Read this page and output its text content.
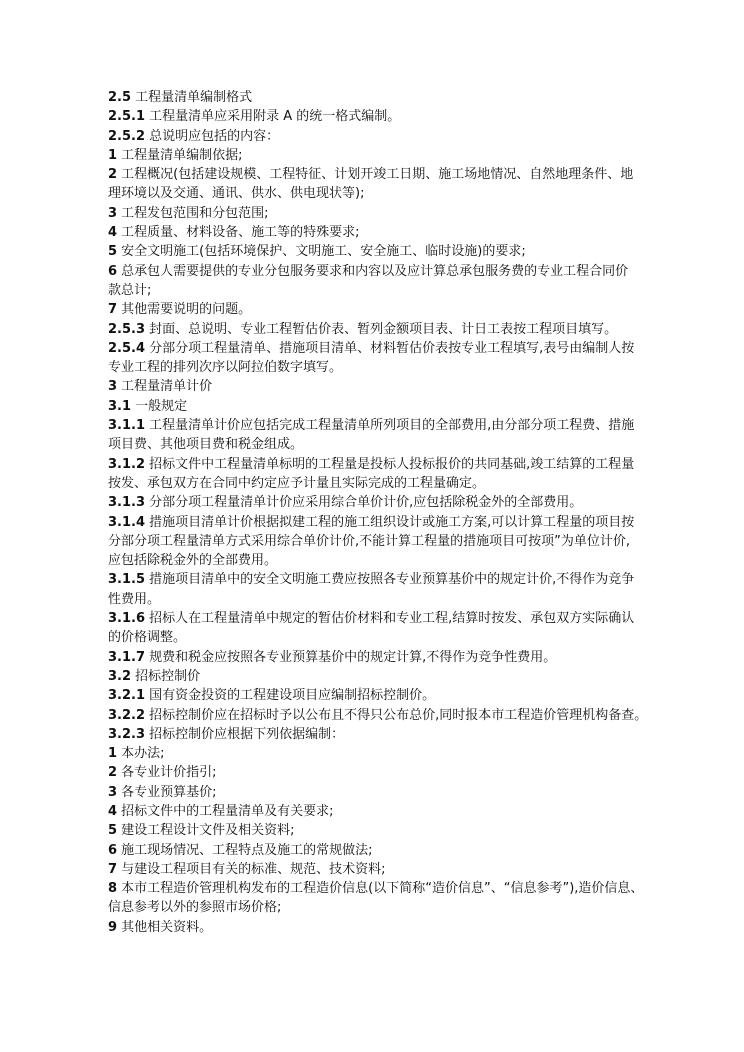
2.5 工程量清单编制格式
2.5.1 工程量清单应采用附录 A 的统一格式编制。
2.5.2 总说明应包括的内容：
1 工程量清单编制依据;
2 工程概况(包括建设规模、工程特征、计划开竣工日期、施工场地情况、自然地理条件、地
理环境以及交通、通讯、供水、供电现状等);
3 工程发包范围和分包范围;
4 工程质量、材料设备、施工等的特殊要求;
5 安全文明施工(包括环境保护、文明施工、安全施工、临时设施)的要求;
6 总承包人需要提供的专业分包服务要求和内容以及应计算总承包服务费的专业工程合同价
款总计;
7 其他需要说明的问题。
2.5.3 封面、总说明、专业工程暂估价表、暂列金额项目表、计日工表按工程项目填写。
2.5.4 分部分项工程量清单、措施项目清单、材料暂估价表按专业工程填写,表号由编制人按
专业工程的排列次序以阿拉伯数字填写。
3 工程量清单计价
3.1 一般规定
3.1.1 工程量清单计价应包括完成工程量清单所列项目的全部费用,由分部分项工程费、措施
项目费、其他项目费和税金组成。
3.1.2 招标文件中工程量清单标明的工程量是投标人投标报价的共同基础,竣工结算的工程量
按发、承包双方在合同中约定应予计量且实际完成的工程量确定。
3.1.3 分部分项工程量清单计价应采用综合单价计价,应包括除税金外的全部费用。
3.1.4 措施项目清单计价根据拟建工程的施工组织设计或施工方案,可以计算工程量的项目按
分部分项工程量清单方式采用综合单价计价,不能计算工程量的措施项目可按项”为单位计价,
应包括除税金外的全部费用。
3.1.5 措施项目清单中的安全文明施工费应按照各专业预算基价中的规定计价,不得作为竞争
性费用。
3.1.6 招标人在工程量清单中规定的暂估价材料和专业工程,结算时按发、承包双方实际确认
的价格调整。
3.1.7 规费和税金应按照各专业预算基价中的规定计算,不得作为竞争性费用。
3.2 招标控制价
3.2.1 国有资金投资的工程建设项目应编制招标控制价。
3.2.2 招标控制价应在招标时予以公布且不得只公布总价,同时报本市工程造价管理机构备查。
3.2.3 招标控制价应根据下列依据编制：
1 本办法;
2 各专业计价指引;
3 各专业预算基价;
4 招标文件中的工程量清单及有关要求;
5 建设工程设计文件及相关资料;
6 施工现场情况、工程特点及施工的常规做法;
7 与建设工程项目有关的标准、规范、技术资料;
8 本市工程造价管理机构发布的工程造价信息(以下简称“造价信息”、“信息参考”),造价信息、
信息参考以外的参照市场价格;
9 其他相关资料。
